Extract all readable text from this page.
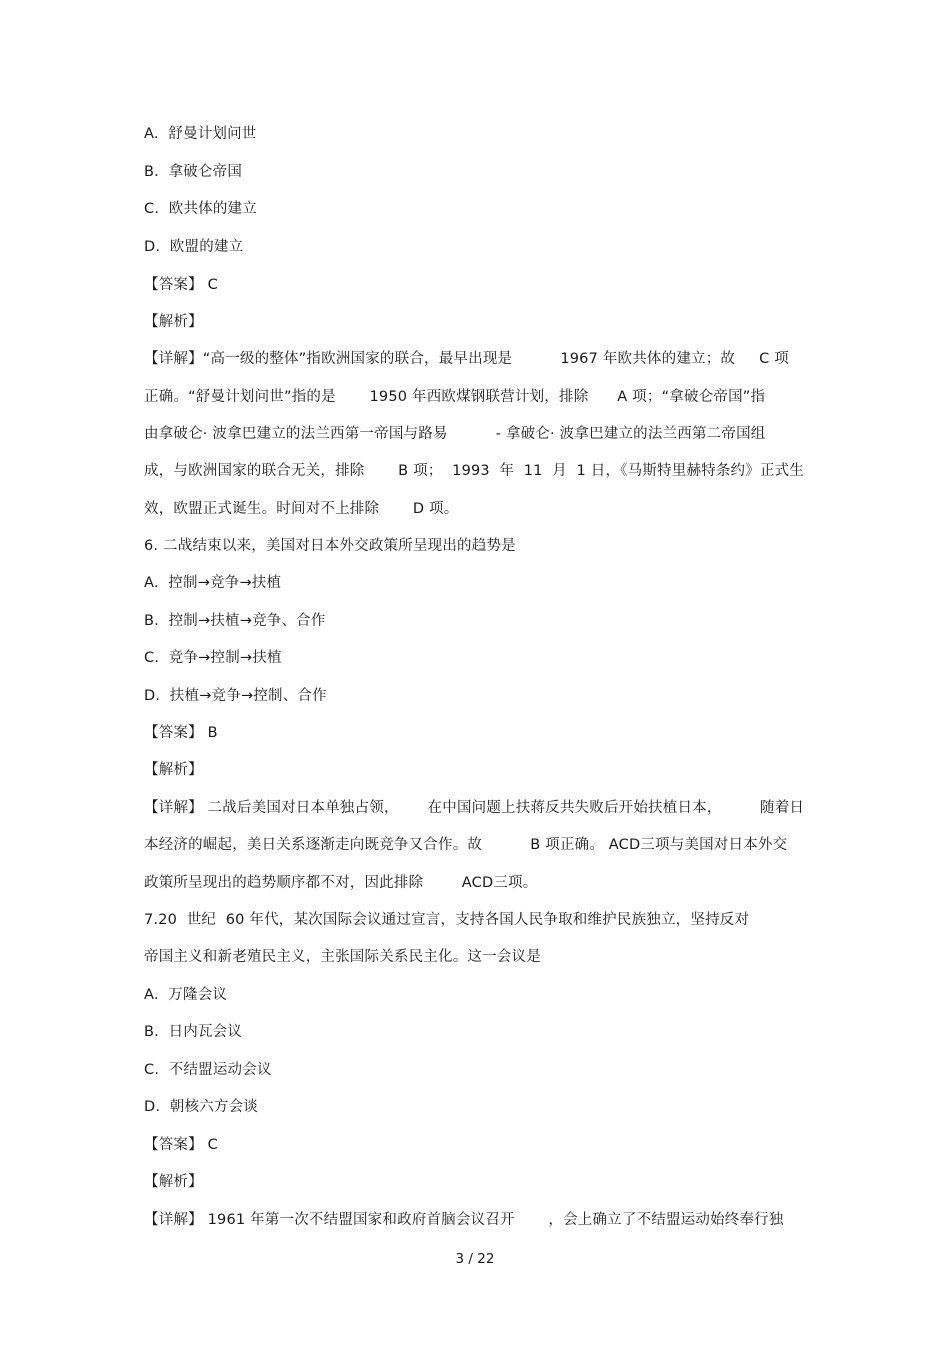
A.  舒曼计划问世
B.  拿破仑帝国
C.  欧共体的建立
D.  欧盟的建立
【答案】 C
【解析】
【详解】“高一级的整体”指欧洲国家的联合，最早出现是          1967 年欧共体的建立；故     C 项
正确。“舒曼计划问世”指的是       1950 年西欧煤钢联营计划，排除      A 项；“拿破仑帝国”指
由拿破仑· 波拿巴建立的法兰西第一帝国与路易          - 拿破仑· 波拿巴建立的法兰西第二帝国组
成，与欧洲国家的联合无关，排除       B 项；  1993  年  11  月  1 日，《马斯特里赫特条约》正式生
效，欧盟正式诞生。时间对不上排除       D 项。
6. 二战结束以来，美国对日本外交政策所呈现出的趋势是
A.  控制→竞争→扶植
B.  控制→扶植→竞争、合作
C.  竞争→控制→扶植
D.  扶植→竞争→控制、合作
【答案】 B
【解析】
【详解】 二战后美国对日本单独占领，      在中国问题上扶蒋反共失败后开始扶植日本，        随着日
本经济的崛起，美日关系逐渐走向既竞争又合作。故          B 项正确。 ACD三项与美国对日本外交
政策所呈现出的趋势顺序都不对，因此排除        ACD三项。
7.20  世纪  60 年代，某次国际会议通过宣言，支持各国人民争取和维护民族独立，坚持反对
帝国主义和新老殖民主义，主张国际关系民主化。这一会议是
A.  万隆会议
B.  日内瓦会议
C.  不结盟运动会议
D.  朝核六方会谈
【答案】 C
【解析】
【详解】 1961 年第一次不结盟国家和政府首脑会议召开       ，会上确立了不结盟运动始终奉行独
3 / 22
